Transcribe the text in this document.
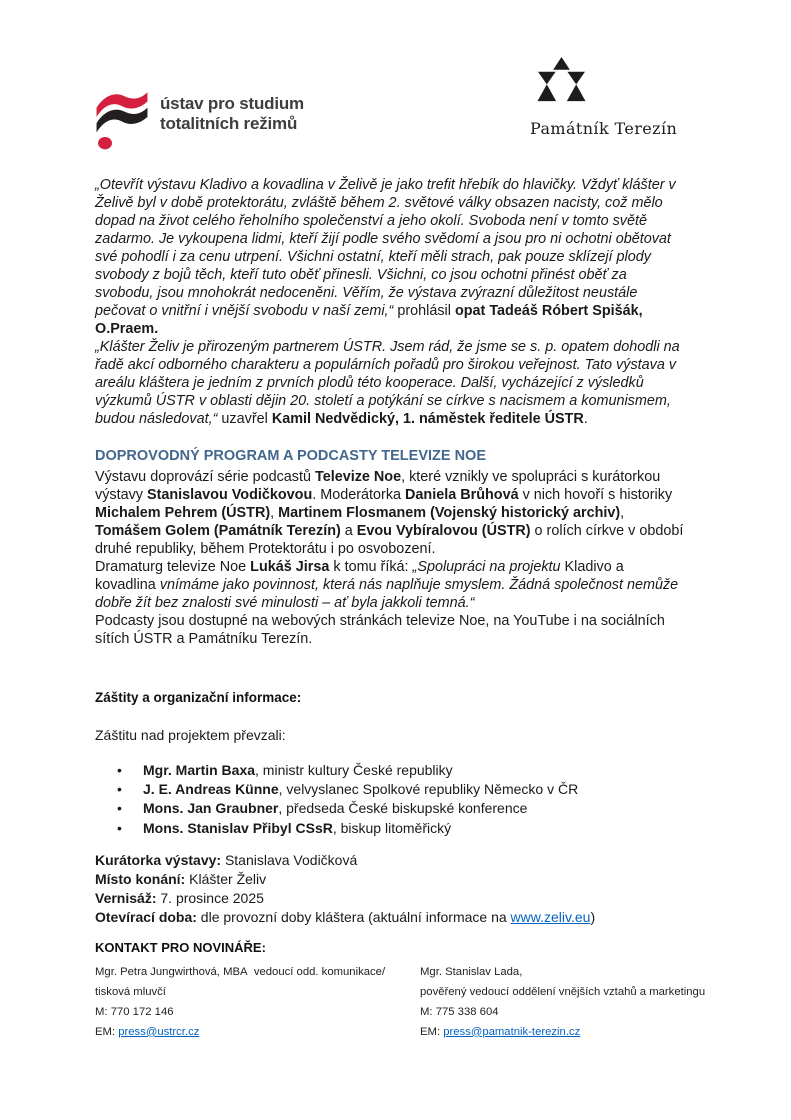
ústav pro studium
totalitních režimů	Památník Terezín

„Otevřít výstavu Kladivo a kovadlina v Želivě je jako trefit hřebík do hlavičky. Vždyť klášter v Želivě byl v době protektorátu, zvláště během 2. světové války obsazen nacisty, což mělo dopad na život celého řeholního společenství a jeho okolí. Svoboda není v tomto světě zadarmo. Je vykoupena lidmi, kteří žijí podle svého svědomí a jsou pro ni ochotni obětovat své pohodlí i za cenu utrpení. Všichni ostatní, kteří měli strach, pak pouze sklízejí plody svobody z bojů těch, kteří tuto oběť přinesli. Všichni, co jsou ochotni přinést oběť za svobodu, jsou mnohokrát nedoceněni. Věřím, že výstava zvýrazní důležitost neustále pečovat o vnitřní i vnější svobodu v naší zemi,“ prohlásil opat Tadeáš Róbert Spišák, O.Praem.

„Klášter Želiv je přirozeným partnerem ÚSTR. Jsem rád, že jsme se s. p. opatem dohodli na řadě akcí odborného charakteru a populárních pořadů pro širokou veřejnost. Tato výstava v areálu kláštera je jedním z prvních plodů této kooperace. Další, vycházející z výsledků výzkumů ÚSTR v oblasti dějin 20. století a potýkání se církve s nacismem a komunismem, budou následovat,“ uzavřel Kamil Nedvědický, 1. náměstek ředitele ÚSTR.

DOPROVODNÝ PROGRAM A PODCASTY TELEVIZE NOE

Výstavu doprovází série podcastů Televize Noe, které vznikly ve spolupráci s kurátorkou výstavy Stanislavou Vodičkovou. Moderátorka Daniela Brůhová v nich hovoří s historiky Michalem Pehrem (ÚSTR), Martinem Flosmanem (Vojenský historický archiv), Tomášem Golem (Památník Terezín) a Evou Vybíralovou (ÚSTR) o rolích církve v období druhé republiky, během Protektorátu i po osvobození.

Dramaturg televize Noe Lukáš Jirsa k tomu říká: „Spolupráci na projektu Kladivo a kovadlina vnímáme jako povinnost, která nás naplňuje smyslem. Žádná společnost nemůže dobře žít bez znalosti své minulosti – ať byla jakkoli temná.“

Podcasty jsou dostupné na webových stránkách televize Noe, na YouTube i na sociálních sítích ÚSTR a Památníku Terezín.

Záštity a organizační informace:

Záštitu nad projektem převzali:

• Mgr. Martin Baxa, ministr kultury České republiky
• J. E. Andreas Künne, velvyslanec Spolkové republiky Německo v ČR
• Mons. Jan Graubner, předseda České biskupské konference
• Mons. Stanislav Přibyl CSsR, biskup litoměřický
Kurátorka výstavy: Stanislava Vodičková
Místo konání: Klášter Želiv
Vernisáž: 7. prosince 2025
Otevírací doba: dle provozní doby kláštera (aktuální informace na www.zeliv.eu)
KONTAKT PRO NOVINÁŘE:
Mgr. Petra Jungwirthová, MBA  vedoucí odd. komunikace/
tisková mluvčí
M: 770 172 146
EM: press@ustrcr.cz
Mgr. Stanislav Lada,
pověřený vedoucí oddělení vnějších vztahů a marketingu
M: 775 338 604
EM: press@pamatnik-terezin.cz
